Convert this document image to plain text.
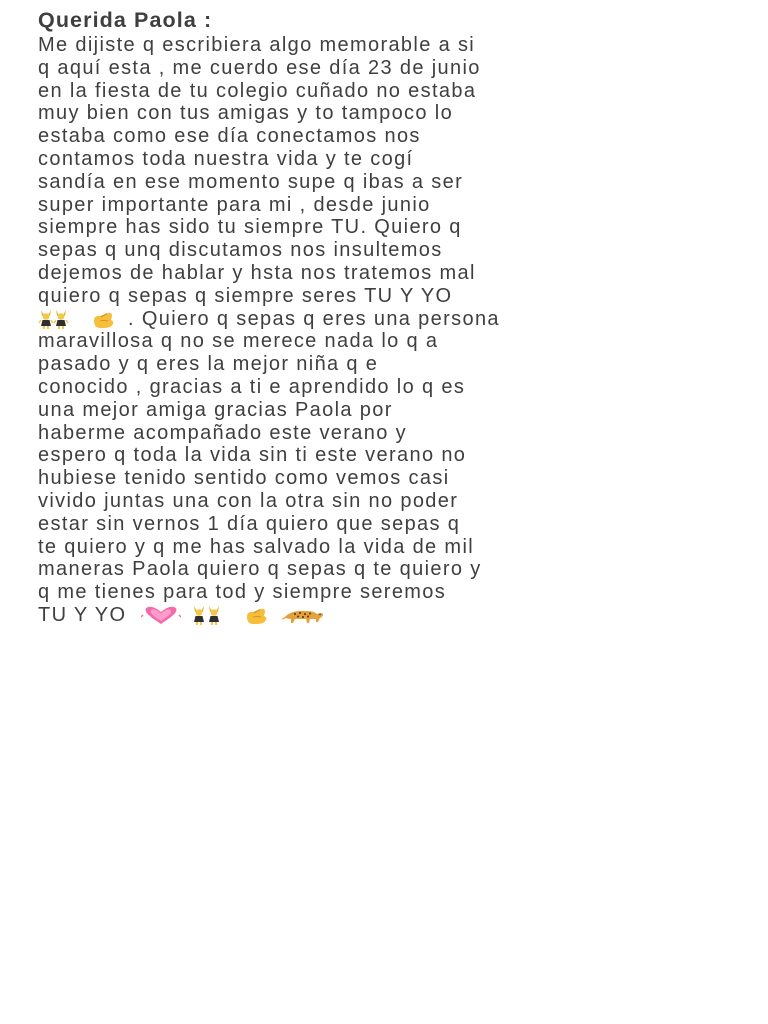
Querida Paola :
Me dijiste q escribiera algo memorable a si
q aquí esta , me cuerdo ese día 23 de junio
en la fiesta de tu colegio cuñado no estaba
muy bien con tus amigas y to tampoco lo
estaba como ese día conectamos nos
contamos toda nuestra vida y te cogí
sandía en ese momento supe q ibas a ser
super importante para mi , desde junio
siempre has sido tu siempre TU. Quiero q
sepas q unq discutamos nos insultemos
dejemos de hablar y hsta nos tratemos mal
quiero q sepas q siempre seres TU Y YO
. Quiero q sepas q eres una persona
maravillosa q no se merece nada lo q a
pasado y q eres la mejor niña q e
conocido , gracias a ti e aprendido lo q es
una mejor amiga gracias Paola por
haberme acompañado este verano y
espero q toda la vida sin ti este verano no
hubiese tenido sentido como vemos casi
vivido juntas una con la otra sin no poder
estar sin vernos 1 día quiero que sepas q
te quiero y q me has salvado la vida de mil
maneras Paola quiero q sepas q te quiero y
q me tienes para tod y siempre seremos
TU Y YO
